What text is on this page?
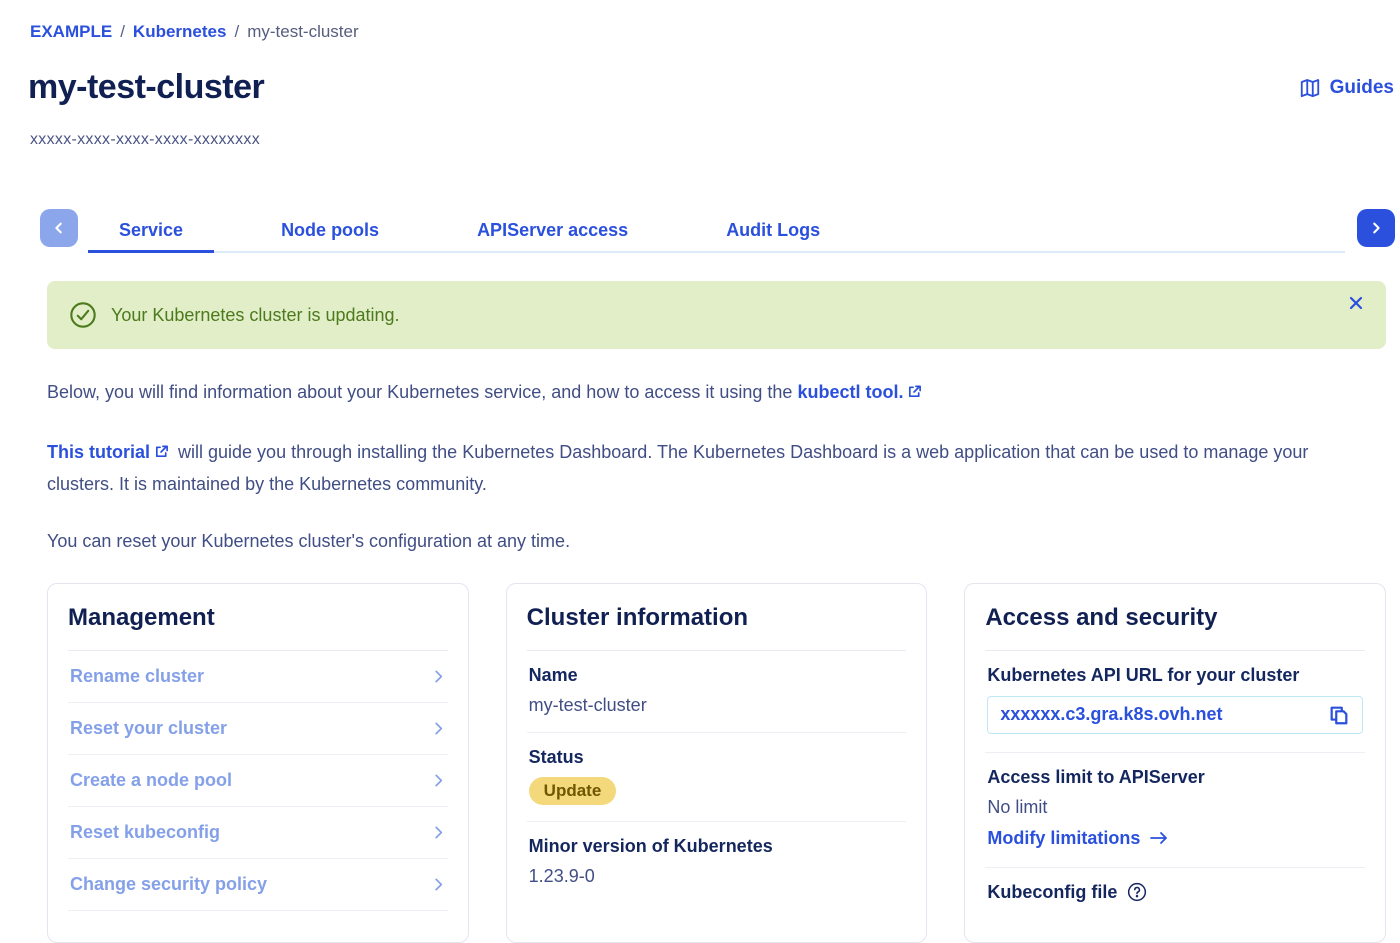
EXAMPLE / Kubernetes / my-test-cluster
my-test-cluster	Guides
xxxxx-xxxx-xxxx-xxxx-xxxxxxxx
Service	Node pools	APIServer access	Audit Logs
Your Kubernetes cluster is updating.

Below, you will find information about your Kubernetes service, and how to access it using the kubectl tool.

This tutorial will guide you through installing the Kubernetes Dashboard. The Kubernetes Dashboard is a web application that can be used to manage your clusters. It is maintained by the Kubernetes community.

You can reset your Kubernetes cluster's configuration at any time.

Management
Rename cluster
Reset your cluster
Create a node pool
Reset kubeconfig
Change security policy
Cluster information
Name
my-test-cluster
Status
Update
Minor version of Kubernetes
1.23.9-0
Access and security
Kubernetes API URL for your cluster
xxxxxx.c3.gra.k8s.ovh.net
Access limit to APIServer
No limit
Modify limitations
Kubeconfig file
